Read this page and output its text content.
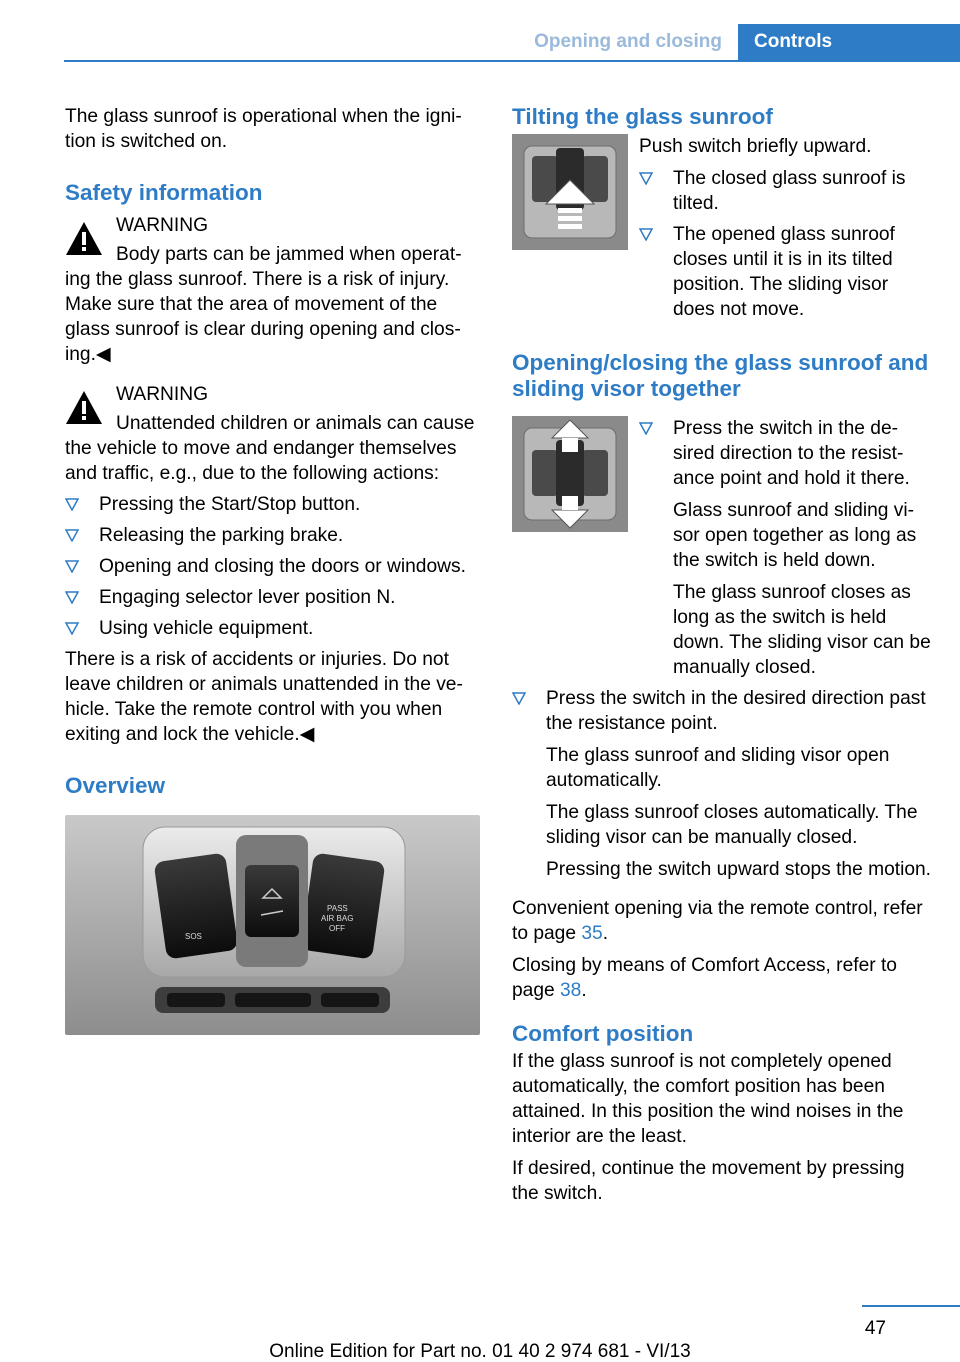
Opening and closing	Controls

The glass sunroof is operational when the ignition is switched on.

Safety information
WARNING
Body parts can be jammed when operating the glass sunroof. There is a risk of injury. Make sure that the area of movement of the glass sunroof is clear during opening and closing.◀
WARNING
Unattended children or animals can cause the vehicle to move and endanger themselves and traffic, e.g., due to the following actions:
Pressing the Start/Stop button.
Releasing the parking brake.
Opening and closing the doors or windows.
Engaging selector lever position N.
Using vehicle equipment.

There is a risk of accidents or injuries. Do not leave children or animals unattended in the vehicle. Take the remote control with you when exiting and lock the vehicle.◀

Overview
SOS
PASS
AIR BAG
OFF
Tilting the glass sunroof

Push switch briefly upward.

The closed glass sunroof is tilted.
The opened glass sunroof closes until it is in its tilted position. The sliding visor does not move.
Opening/closing the glass sunroof and sliding visor together
Press the switch in the desired direction to the resistance point and hold it there.

Glass sunroof and sliding visor open together as long as the switch is held down.

The glass sunroof closes as long as the switch is held down. The sliding visor can be manually closed.

Press the switch in the desired direction past the resistance point.

The glass sunroof and sliding visor open automatically.

The glass sunroof closes automatically. The sliding visor can be manually closed.

Pressing the switch upward stops the motion.

Convenient opening via the remote control, refer to page 35.

Closing by means of Comfort Access, refer to page 38.

Comfort position

If the glass sunroof is not completely opened automatically, the comfort position has been attained. In this position the wind noises in the interior are the least.

If desired, continue the movement by pressing the switch.

47
Online Edition for Part no. 01 40 2 974 681 - VI/13
